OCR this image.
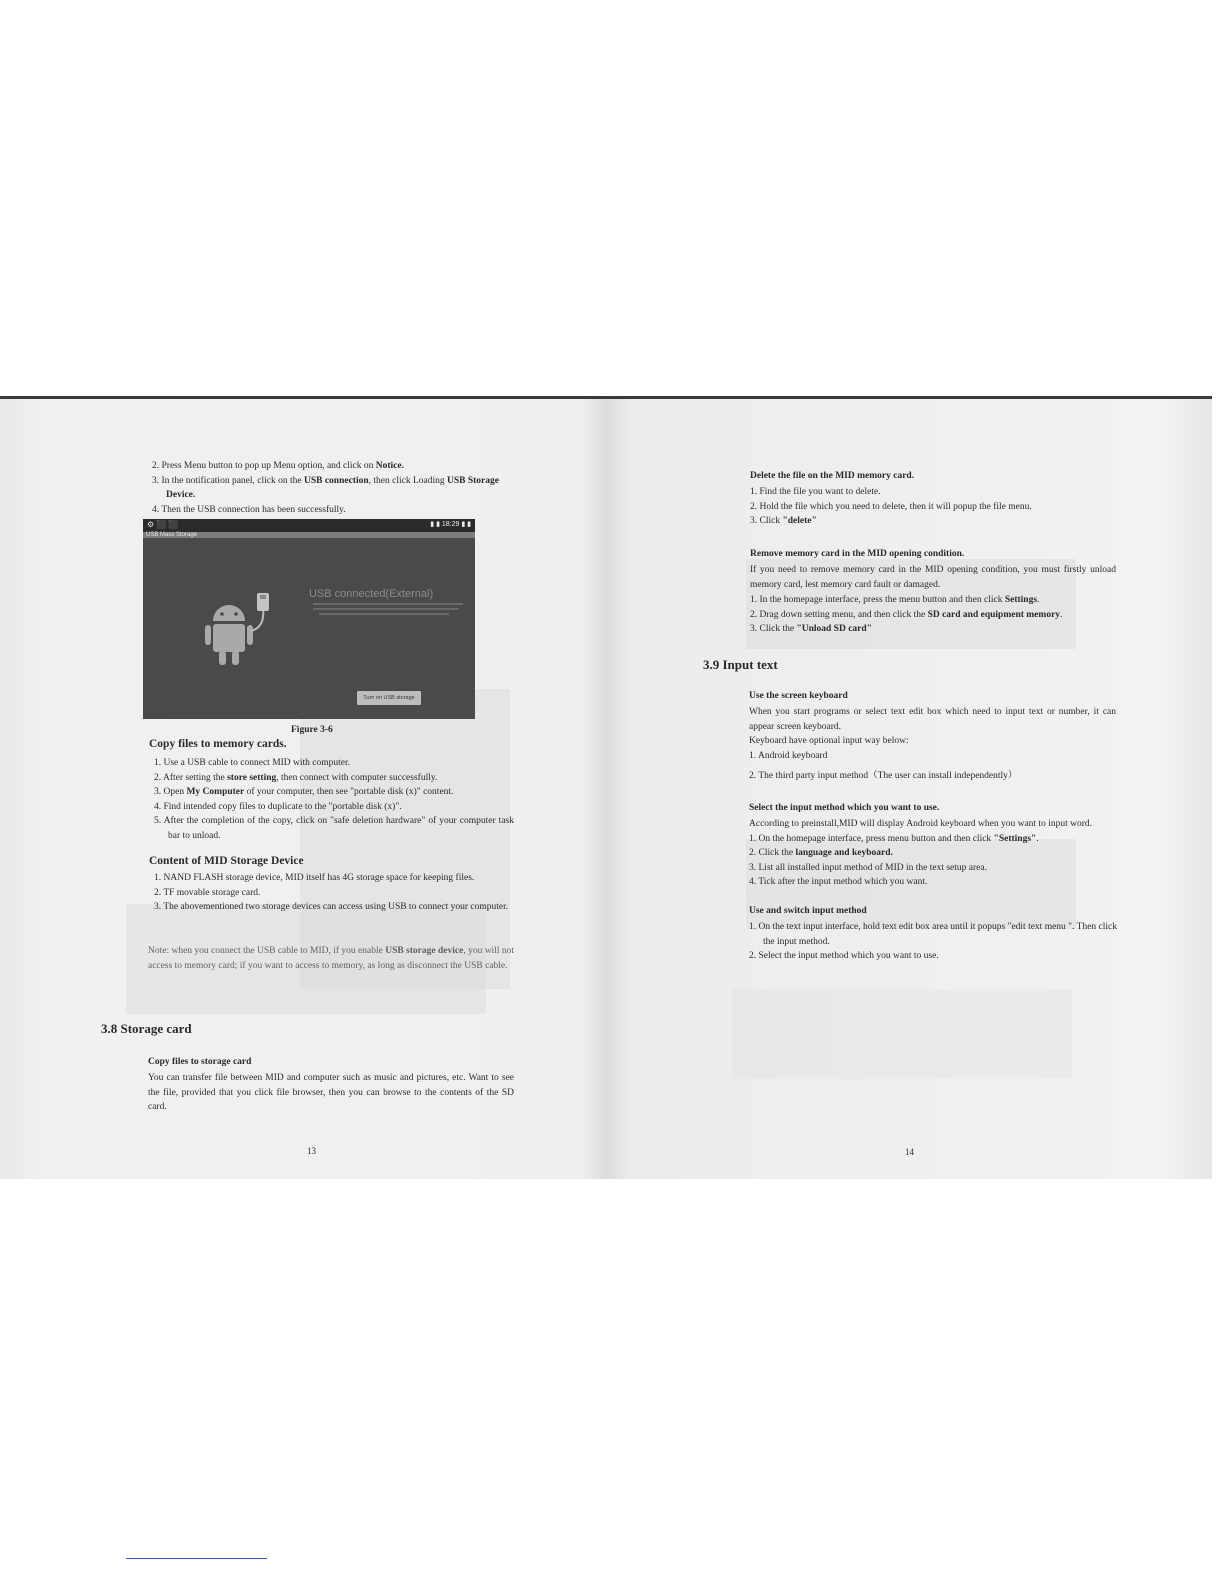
2. Press Menu button to pop up Menu option, and click on Notice.

3. In the notification panel, click on the USB connection, then click Loading USB Storage Device.

4. Then the USB connection has been successfully.

⚙ ⬛ ⬛	▮ ▮ 18:29 ▮ ▮
USB Mass Storage
USB connected(External)
Turn on USB storage
Figure 3-6
Copy files to memory cards.

1. Use a USB cable to connect MID with computer.

2. After setting the store setting, then connect with computer successfully.

3. Open My Computer of your computer, then see "portable disk (x)" content.

4. Find intended copy files to duplicate to the "portable disk (x)".

5. After the completion of the copy, click on "safe deletion hardware" of your computer task bar to unload.

Content of MID Storage Device

1. NAND FLASH storage device, MID itself has 4G storage space for keeping files.

2. TF movable storage card.

3. The abovementioned two storage devices can access using USB to connect your computer.

Note: when you connect the USB cable to MID, if you enable USB storage device, you will not access to memory card; if you want to access to memory, as long as disconnect the USB cable.

3.8 Storage card
Copy files to storage card
You can transfer file between MID and computer such as music and pictures, etc. Want to see the file, provided that you click file browser, then you can browse to the contents of the SD card.
13
Delete the file on the MID memory card.

1. Find the file you want to delete.

2. Hold the file which you need to delete, then it will popup the file menu.

3. Click "delete"

Remove memory card in the MID opening condition.
If you need to remove memory card in the MID opening condition, you must firstly unload memory card, lest memory card fault or damaged.

1. In the homepage interface, press the menu button and then click Settings.

2. Drag down setting menu, and then click the SD card and equipment memory.

3. Click the "Unload SD card"

3.9 Input text
Use the screen keyboard
When you start programs or select text edit box which need to input text or number, it can appear screen keyboard.

Keyboard have optional input way below:

1. Android keyboard

2. The third party input method（The user can install independently）

Select the input method which you want to use.

According to preinstall,MID will display Android keyboard when you want to input word.

1. On the homepage interface, press menu button and then click "Settings".

2. Click the language and keyboard.

3. List all installed input method of MID in the text setup area.

4. Tick after the input method which you want.

Use and switch input method

1. On the text input interface, hold text edit box area until it popups "edit text menu ". Then click the input method.

2. Select the input method which you want to use.

14
